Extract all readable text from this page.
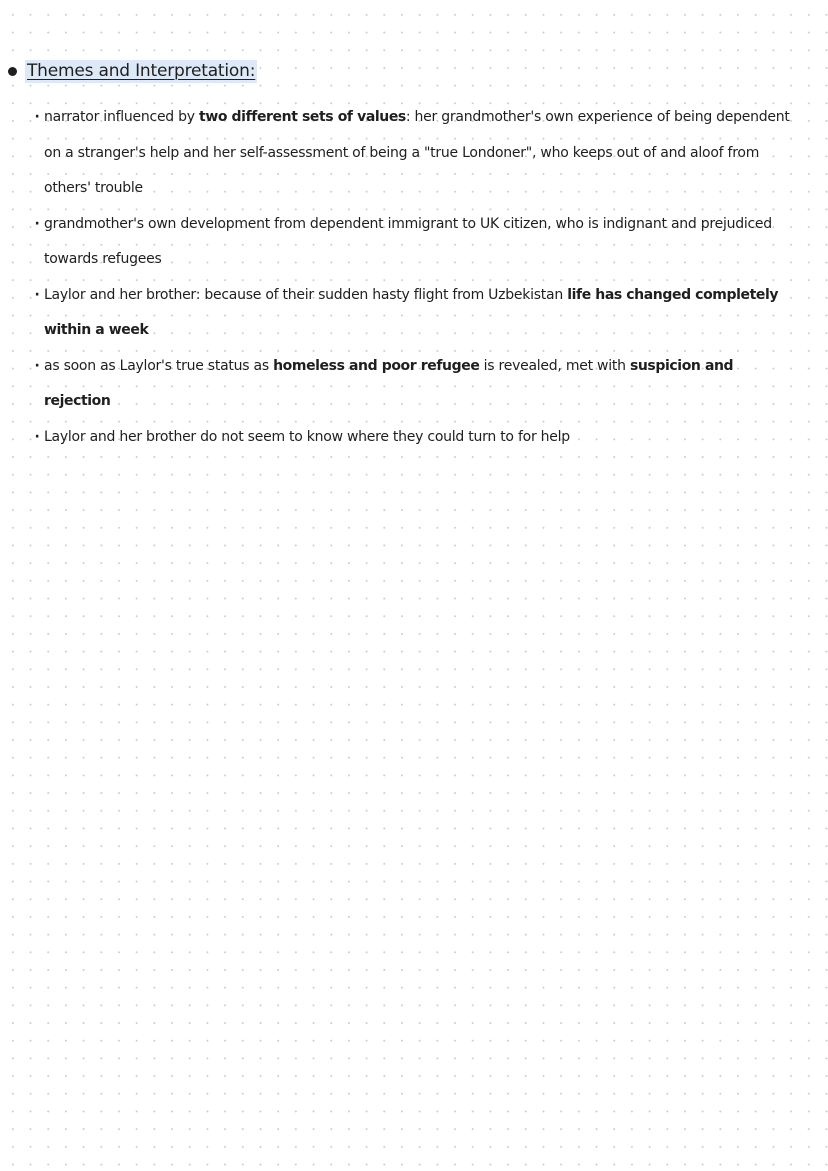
Themes and Interpretation:
· narrator influenced by two different sets of values: her grandmother's own experience of being dependent on a stranger's help and her self-assessment of being a "true Londoner", who keeps out of and aloof from others' trouble
· grandmother's own development from dependent immigrant to UK citizen, who is indignant and prejudiced towards refugees
· Laylor and her brother: because of their sudden hasty flight from Uzbekistan life has changed completely within a week
· as soon as Laylor's true status as homeless and poor refugee is revealed, met with suspicion and rejection
· Laylor and her brother do not seem to know where they could turn to for help
